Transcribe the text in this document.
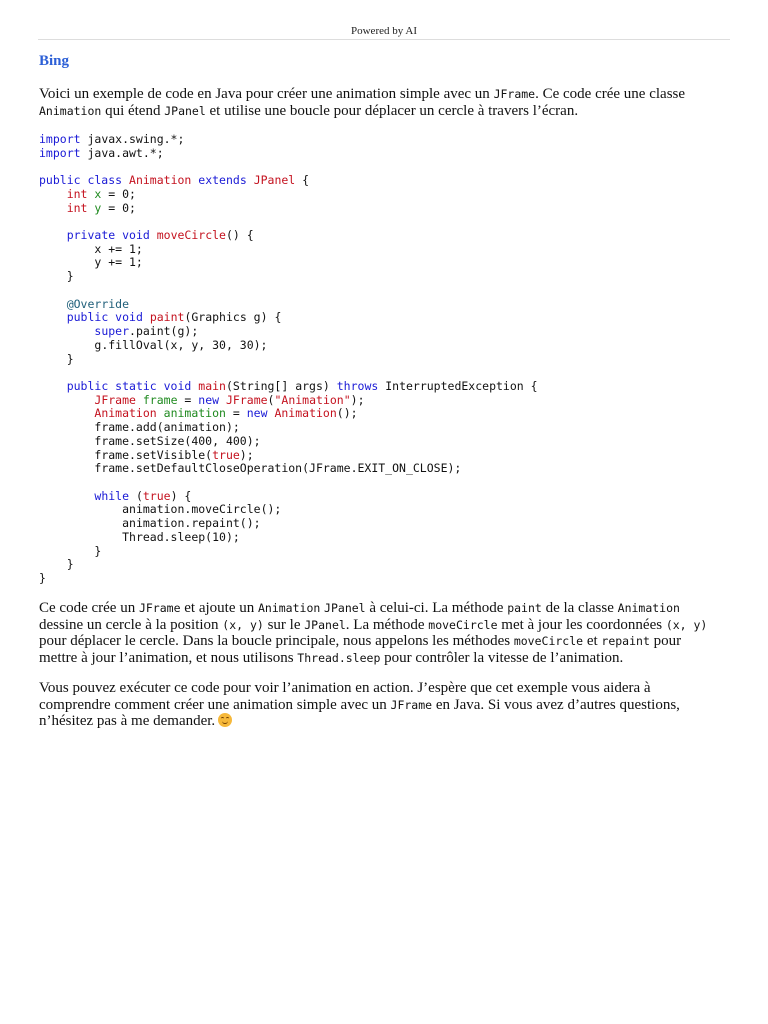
Powered by AI
Bing
Voici un exemple de code en Java pour créer une animation simple avec un JFrame. Ce code crée une classe
Animation qui étend JPanel et utilise une boucle pour déplacer un cercle à travers l’écran.
import javax.swing.*;
import java.awt.*;

public class Animation extends JPanel {
int x = 0;
int y = 0;

private void moveCircle() {
x += 1;
y += 1;
}

@Override
public void paint(Graphics g) {
super.paint(g);
g.fillOval(x, y, 30, 30);
}

public static void main(String[] args) throws InterruptedException {
JFrame frame = new JFrame("Animation");
Animation animation = new Animation();
frame.add(animation);
frame.setSize(400, 400);
frame.setVisible(true);
frame.setDefaultCloseOperation(JFrame.EXIT_ON_CLOSE);

while (true) {
animation.moveCircle();
animation.repaint();
Thread.sleep(10);
}
}
}
Ce code crée un JFrame et ajoute un Animation JPanel à celui-ci. La méthode paint de la classe Animation
dessine un cercle à la position (x, y) sur le JPanel. La méthode moveCircle met à jour les coordonnées (x, y)
pour déplacer le cercle. Dans la boucle principale, nous appelons les méthodes moveCircle et repaint pour
mettre à jour l’animation, et nous utilisons Thread.sleep pour contrôler la vitesse de l’animation.
Vous pouvez exécuter ce code pour voir l’animation en action. J’espère que cet exemple vous aidera à
comprendre comment créer une animation simple avec un JFrame en Java. Si vous avez d’autres questions,
n’hésitez pas à me demander.
